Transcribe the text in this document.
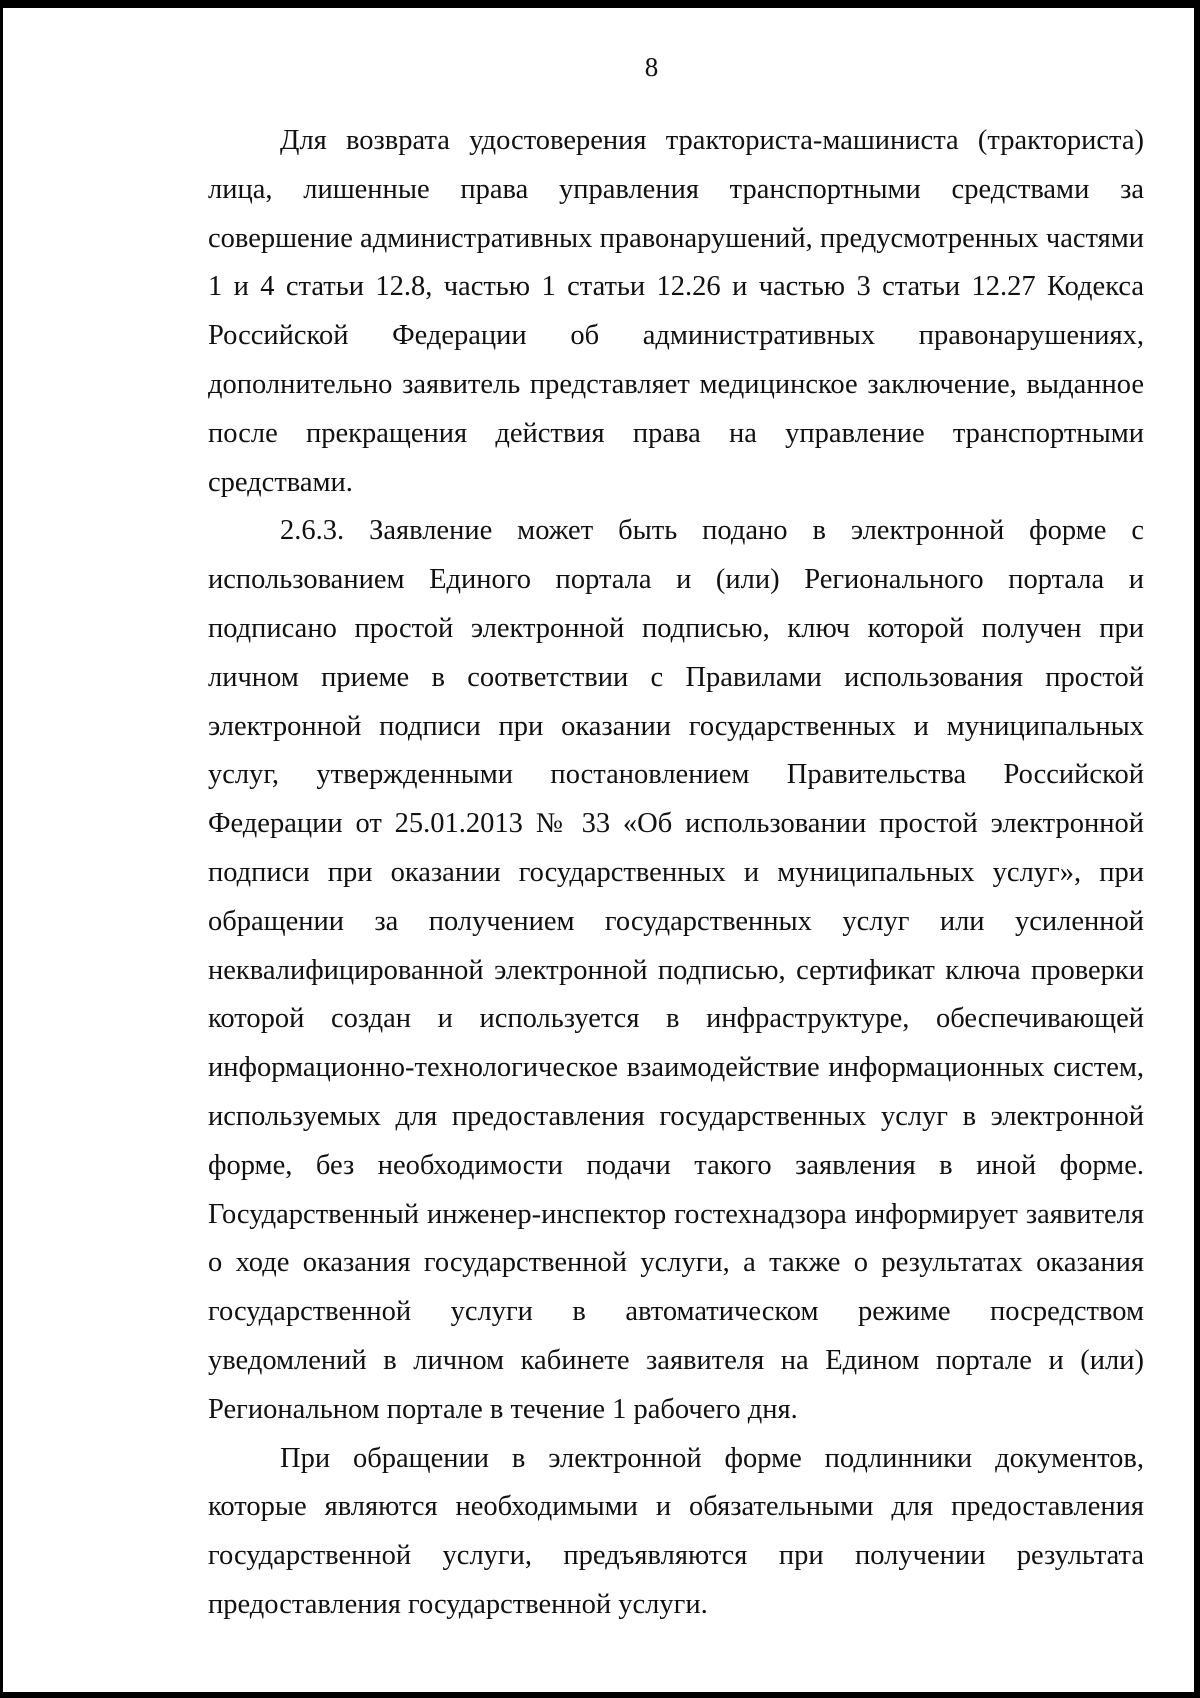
8

Для возврата удостоверения тракториста-машиниста (тракториста) лица, лишенные права управления транспортными средствами за совершение административных правонарушений, предусмотренных частями 1 и 4 статьи 12.8, частью 1 статьи 12.26 и частью 3 статьи 12.27 Кодекса Российской Федерации об административных правонарушениях, дополнительно заявитель представляет медицинское заключение, выданное после прекращения действия права на управление транспортными средствами.

2.6.3. Заявление может быть подано в электронной форме с использованием Единого портала и (или) Регионального портала и подписано простой электронной подписью, ключ которой получен при личном приеме в соответствии с Правилами использования простой электронной подписи при оказании государственных и муниципальных услуг, утвержденными постановлением Правительства Российской Федерации от 25.01.2013 № 33 «Об использовании простой электронной подписи при оказании государственных и муниципальных услуг», при обращении за получением государственных услуг или усиленной неквалифицированной электронной подписью, сертификат ключа проверки которой создан и используется в инфраструктуре, обеспечивающей информационно-технологическое взаимодействие информационных систем, используемых для предоставления государственных услуг в электронной форме, без необходимости подачи такого заявления в иной форме. Государственный инженер-инспектор гостехнадзора информирует заявителя о ходе оказания государственной услуги, а также о результатах оказания государственной услуги в автоматическом режиме посредством уведомлений в личном кабинете заявителя на Едином портале и (или) Региональном портале в течение 1 рабочего дня.

При обращении в электронной форме подлинники документов, которые являются необходимыми и обязательными для предоставления государственной услуги, предъявляются при получении результата предоставления государственной услуги.
